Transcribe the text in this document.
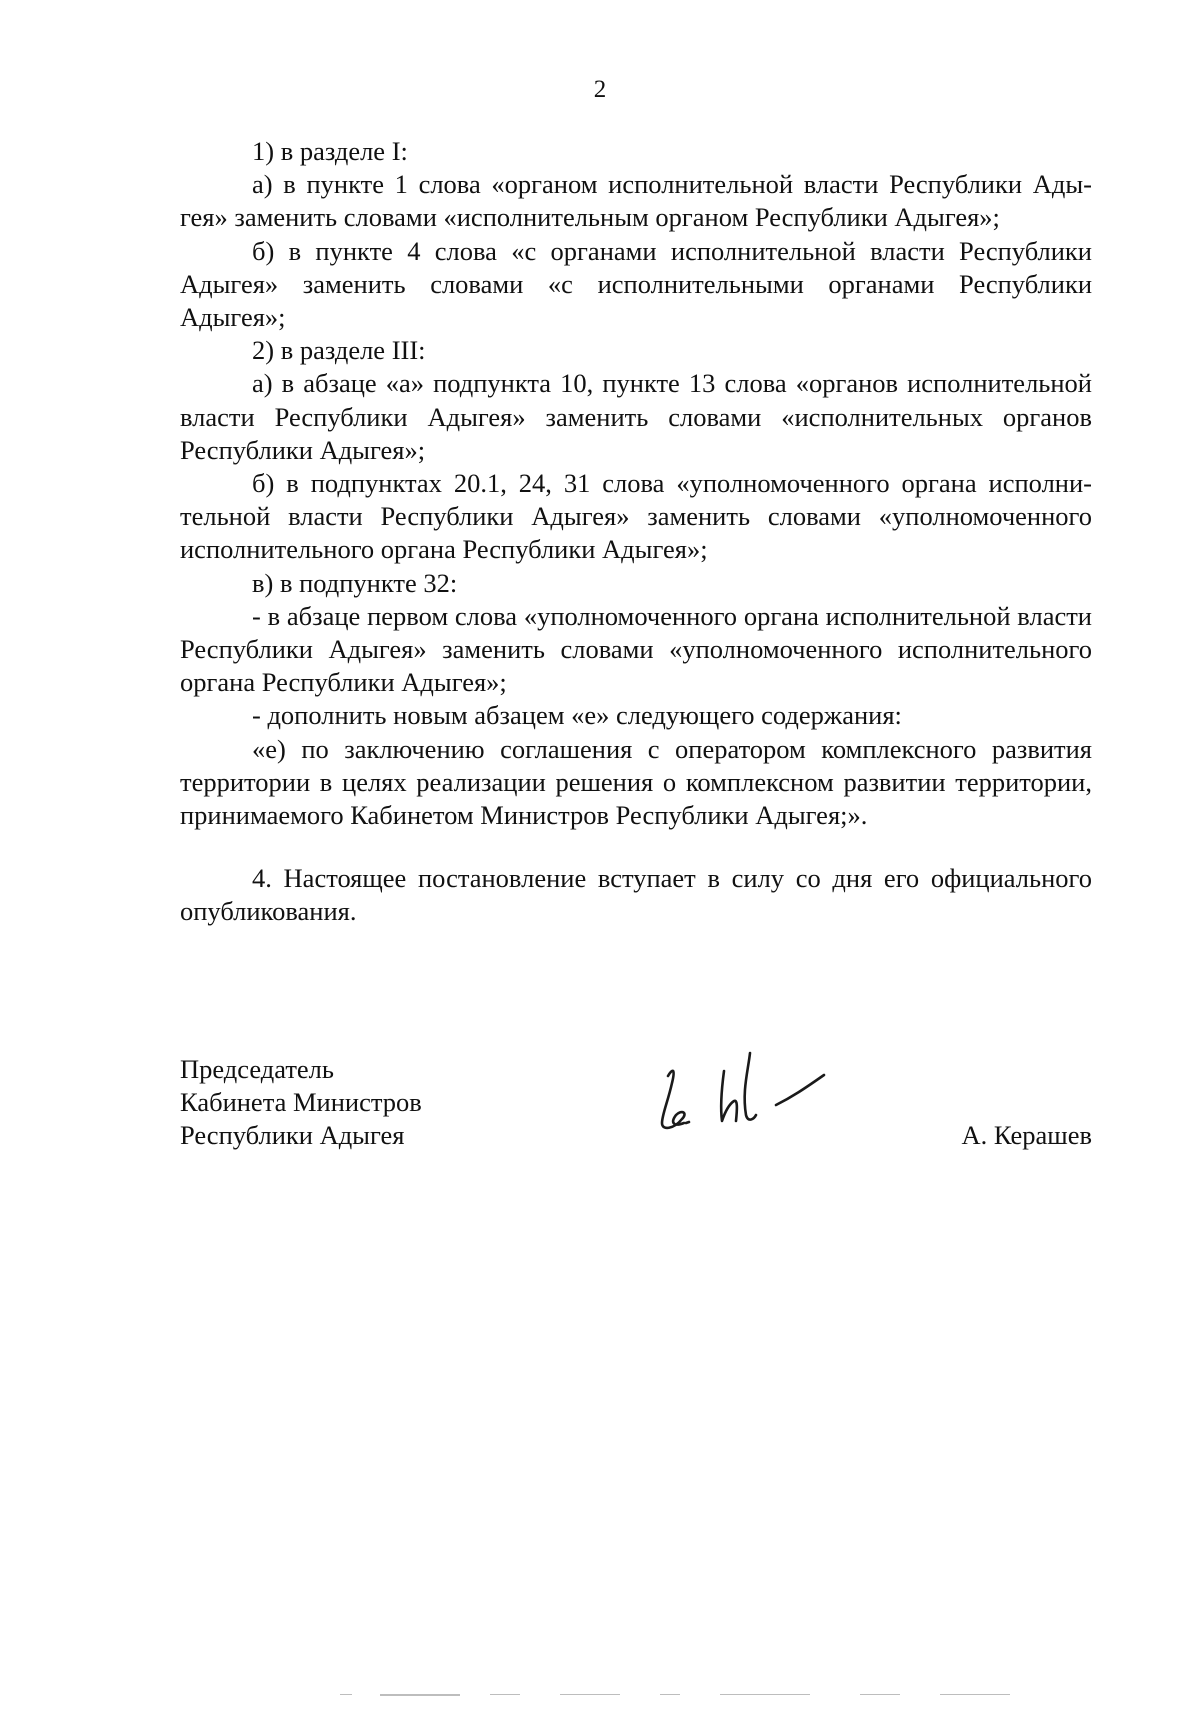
2

1) в разделе I:

а) в пункте 1 слова «органом исполнительной власти Республики Адыгея» заменить словами «исполнительным органом Республики Адыгея»;

б) в пункте 4 слова «с органами исполнительной власти Республики Адыгея» заменить словами «с исполнительными органами Республики Адыгея»;

2) в разделе III:

а) в абзаце «а» подпункта 10, пункте 13 слова «органов исполнительной власти Республики Адыгея» заменить словами «исполнительных органов Республики Адыгея»;

б) в подпунктах 20.1, 24, 31 слова «уполномоченного органа исполнительной власти Республики Адыгея» заменить словами «уполномоченного исполнительного органа Республики Адыгея»;

в) в подпункте 32:

- в абзаце первом слова «уполномоченного органа исполнительной власти Республики Адыгея» заменить словами «уполномоченного исполнительного органа Республики Адыгея»;

- дополнить новым абзацем «е» следующего содержания:

«е) по заключению соглашения с оператором комплексного развития территории в целях реализации решения о комплексном развитии территории, принимаемого Кабинетом Министров Республики Адыгея;».

4. Настоящее постановление вступает в силу со дня его официального опубликования.

Председатель
Кабинета Министров
Республики Адыгея	А. Керашев
